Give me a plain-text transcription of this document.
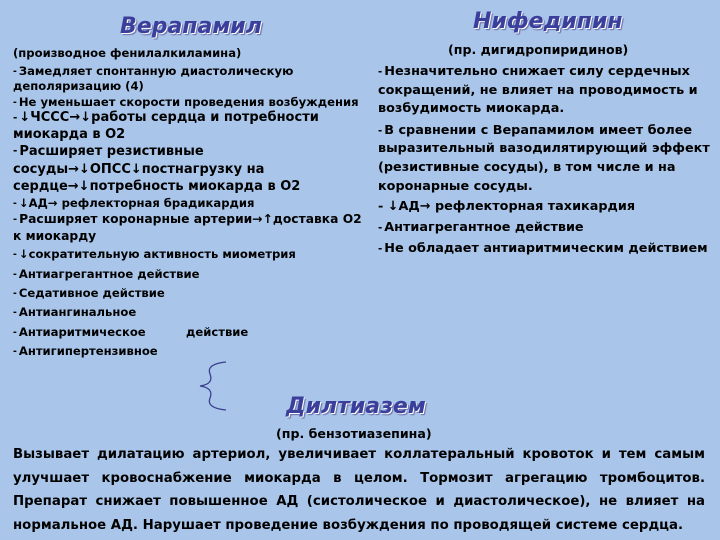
Верапамил
(производное фенилалкиламина)
- Замедляет спонтанную диастолическую деполяризацию (4)
- Не уменьшает скорости проведения возбуждения
- ↓ЧССС→↓работы сердца и потребности миокарда в О2
- Расширяет резистивные сосуды→↓ОПСС↓постнагрузку на сердце→↓потребность миокарда в О2
- ↓АД→ рефлекторная брадикардия
- Расширяет коронарные артерии→↑доставка О2 к миокарду
- ↓сократительную активность миометрия
- Антиагрегантное действие
- Седативное действие
- Антиангинальное
- Антиаритмическое          действие
- Антигипертензивное
Нифедипин
(пр. дигидропиридинов)
- Незначительно снижает силу сердечных сокращений, не влияет на проводимость и возбудимость миокарда.
- В сравнении с Верапамилом имеет более выразительный вазодилятирующий эффект (резистивные сосуды), в том числе и на коронарные сосуды.
- ↓АД→ рефлекторная тахикардия
- Антиагрегантное действие
- Не обладает антиаритмическим действием
Дилтиазем
(пр. бензотиазепина)
Вызывает дилатацию артериол, увеличивает коллатеральный кровоток и тем самым улучшает кровоснабжение миокарда в целом. Тормозит агрегацию тромбоцитов. Препарат снижает повышенное АД (систолическое и диастолическое), не влияет на нормальное АД. Нарушает проведение возбуждения по проводящей системе сердца.
